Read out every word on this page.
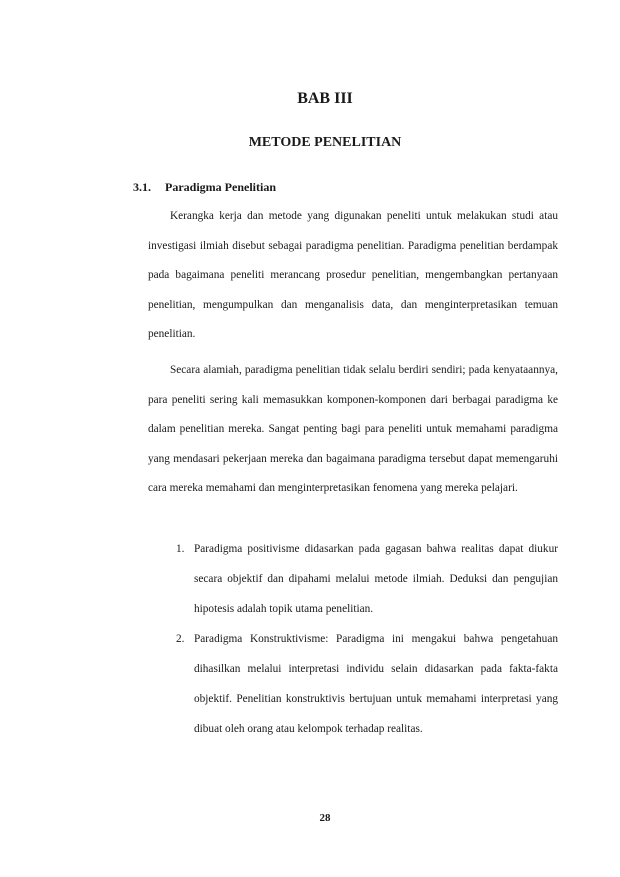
BAB III
METODE PENELITIAN
3.1. Paradigma Penelitian

Kerangka kerja dan metode yang digunakan peneliti untuk melakukan studi atau investigasi ilmiah disebut sebagai paradigma penelitian. Paradigma penelitian berdampak pada bagaimana peneliti merancang prosedur penelitian, mengembangkan pertanyaan penelitian, mengumpulkan dan menganalisis data, dan menginterpretasikan temuan penelitian.

Secara alamiah, paradigma penelitian tidak selalu berdiri sendiri; pada kenyataannya, para peneliti sering kali memasukkan komponen-komponen dari berbagai paradigma ke dalam penelitian mereka. Sangat penting bagi para peneliti untuk memahami paradigma yang mendasari pekerjaan mereka dan bagaimana paradigma tersebut dapat memengaruhi cara mereka memahami dan menginterpretasikan fenomena yang mereka pelajari.

1. Paradigma positivisme didasarkan pada gagasan bahwa realitas dapat diukur secara objektif dan dipahami melalui metode ilmiah. Deduksi dan pengujian hipotesis adalah topik utama penelitian.
2. Paradigma Konstruktivisme: Paradigma ini mengakui bahwa pengetahuan dihasilkan melalui interpretasi individu selain didasarkan pada fakta-fakta objektif. Penelitian konstruktivis bertujuan untuk memahami interpretasi yang dibuat oleh orang atau kelompok terhadap realitas.
28
